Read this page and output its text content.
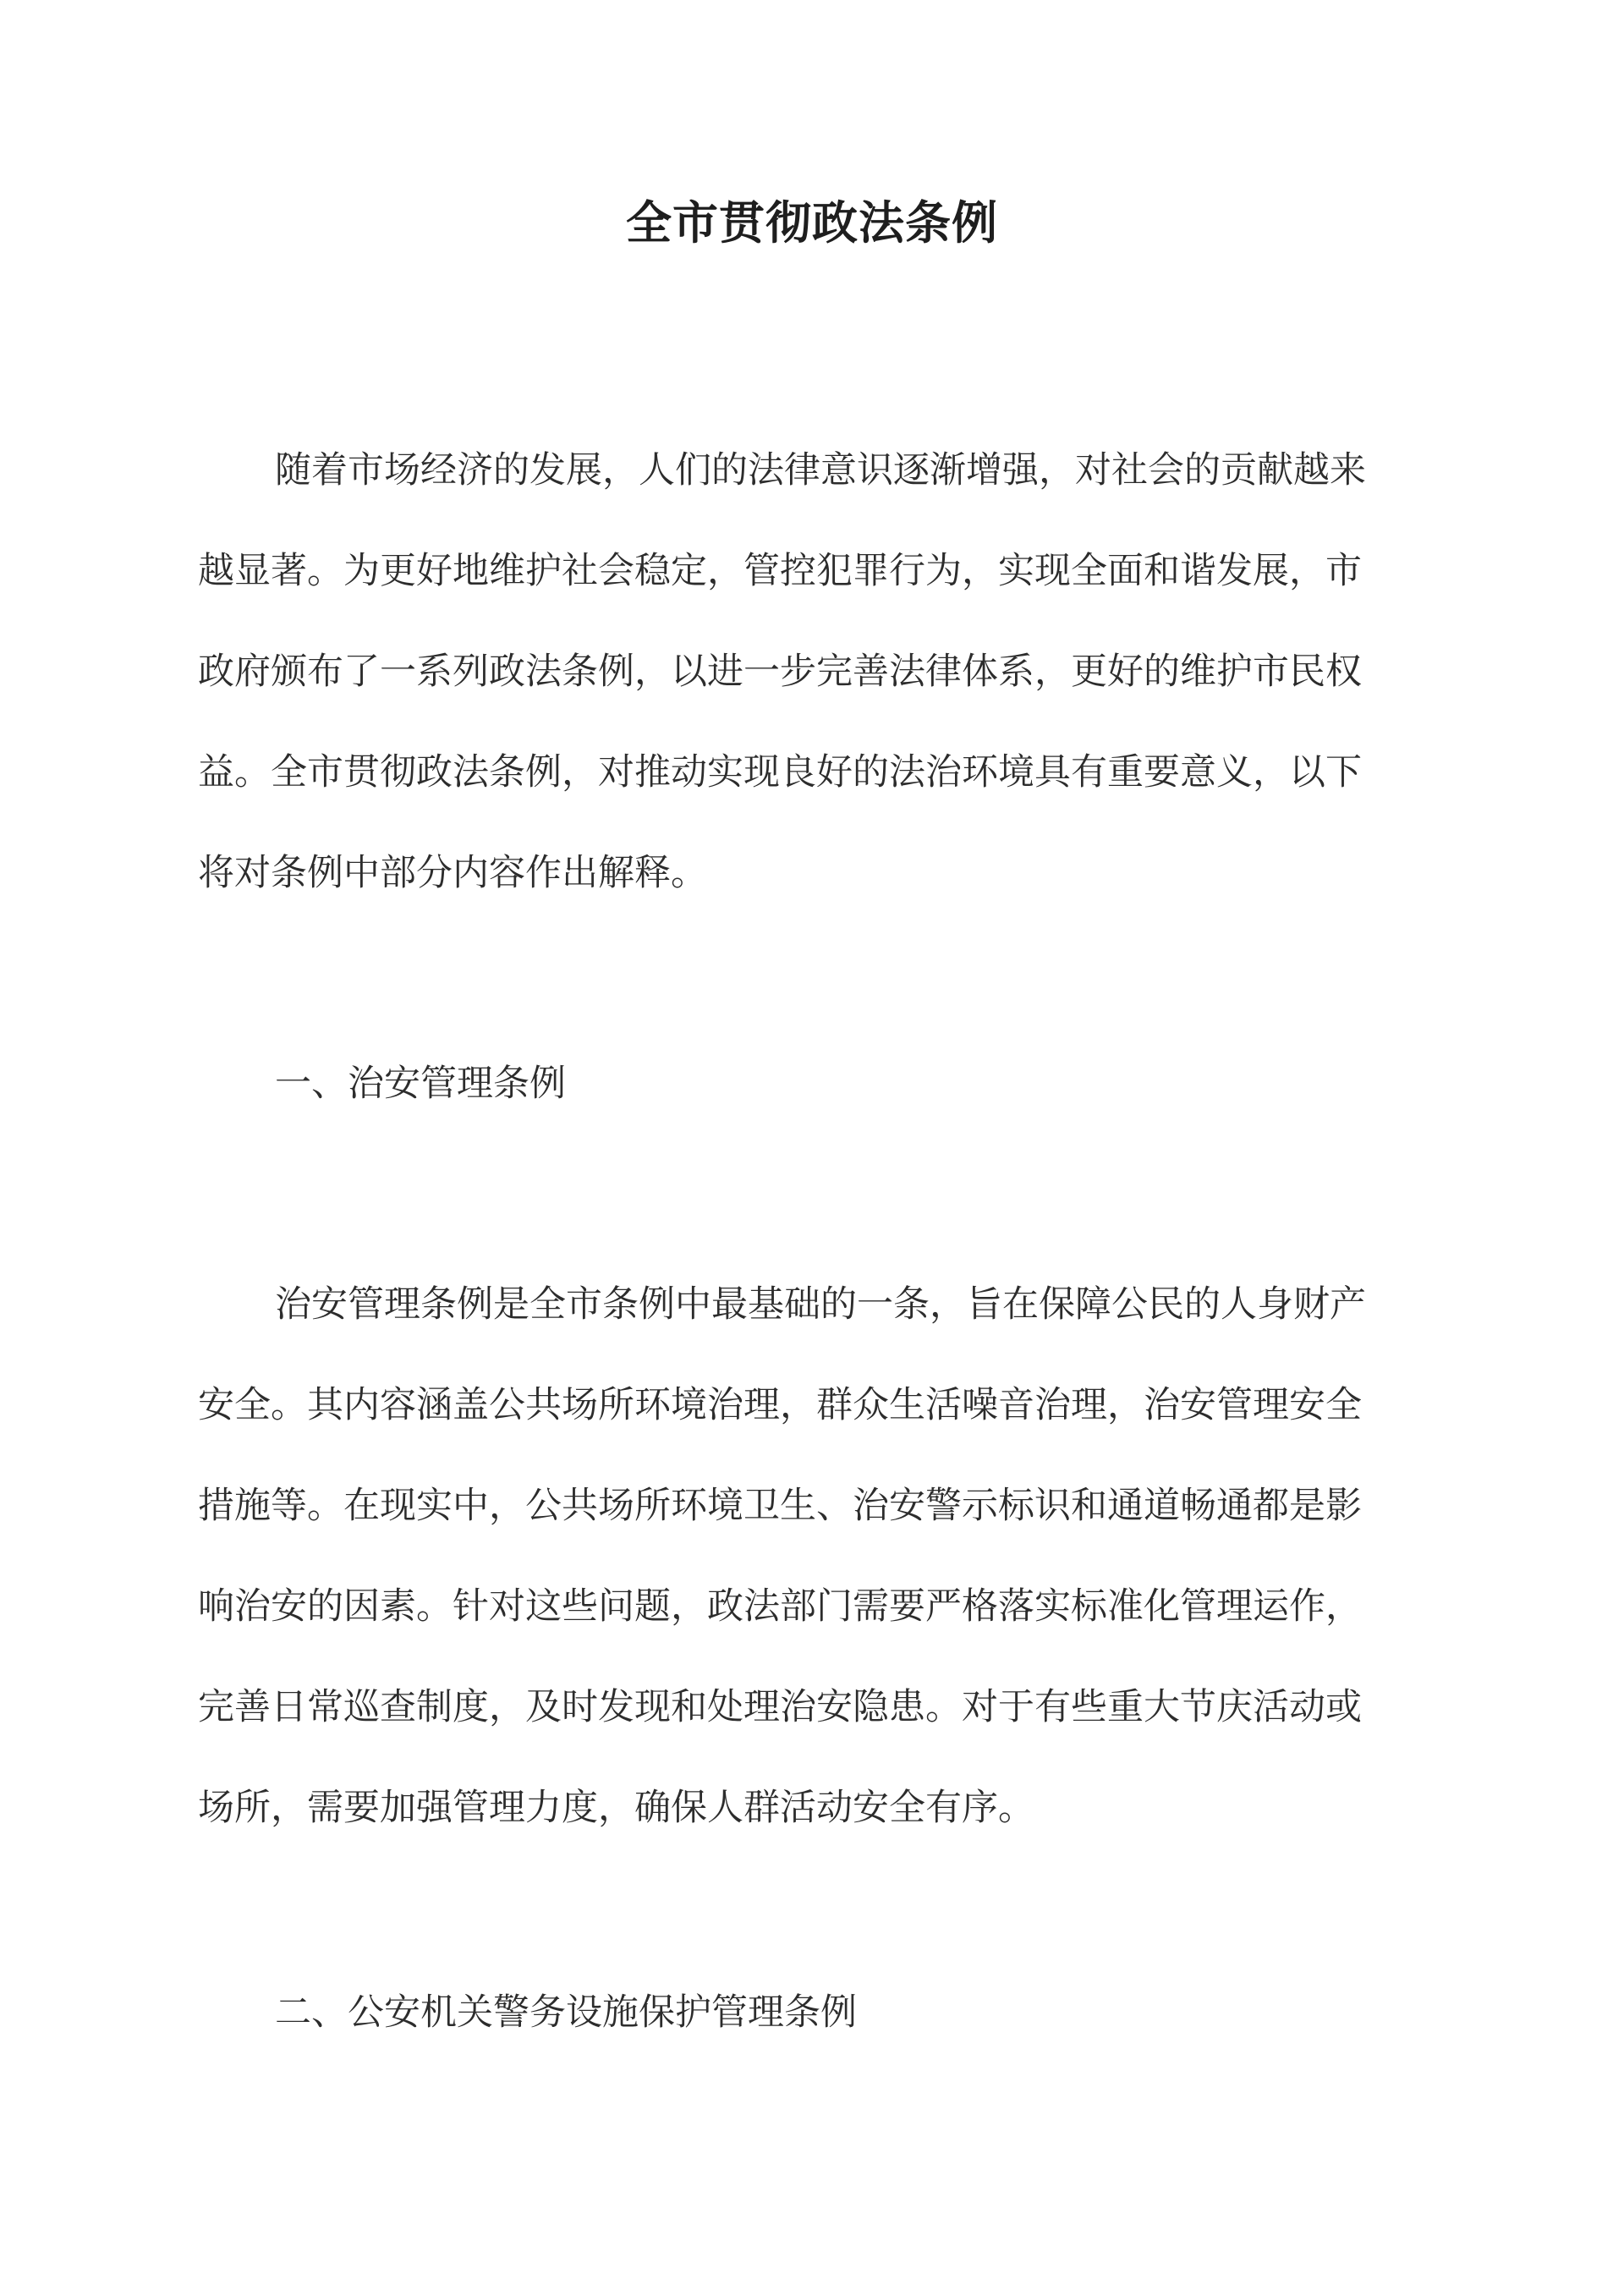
全市贯彻政法条例
随着市场经济的发展，人们的法律意识逐渐增强，对社会的贡献越来
越显著。为更好地维护社会稳定，管控犯罪行为，实现全面和谐发展，市
政府颁布了一系列政法条例，以进一步完善法律体系，更好的维护市民权
益。全市贯彻政法条例，对推动实现良好的法治环境具有重要意义，以下
将对条例中部分内容作出解释。
一、治安管理条例
治安管理条例是全市条例中最基础的一条，旨在保障公民的人身财产
安全。其内容涵盖公共场所环境治理，群众生活噪音治理，治安管理安全
措施等。在现实中，公共场所环境卫生、治安警示标识和通道畅通都是影
响治安的因素。针对这些问题，政法部门需要严格落实标准化管理运作，
完善日常巡查制度，及时发现和处理治安隐患。对于有些重大节庆活动或
场所，需要加强管理力度，确保人群活动安全有序。
二、公安机关警务设施保护管理条例
